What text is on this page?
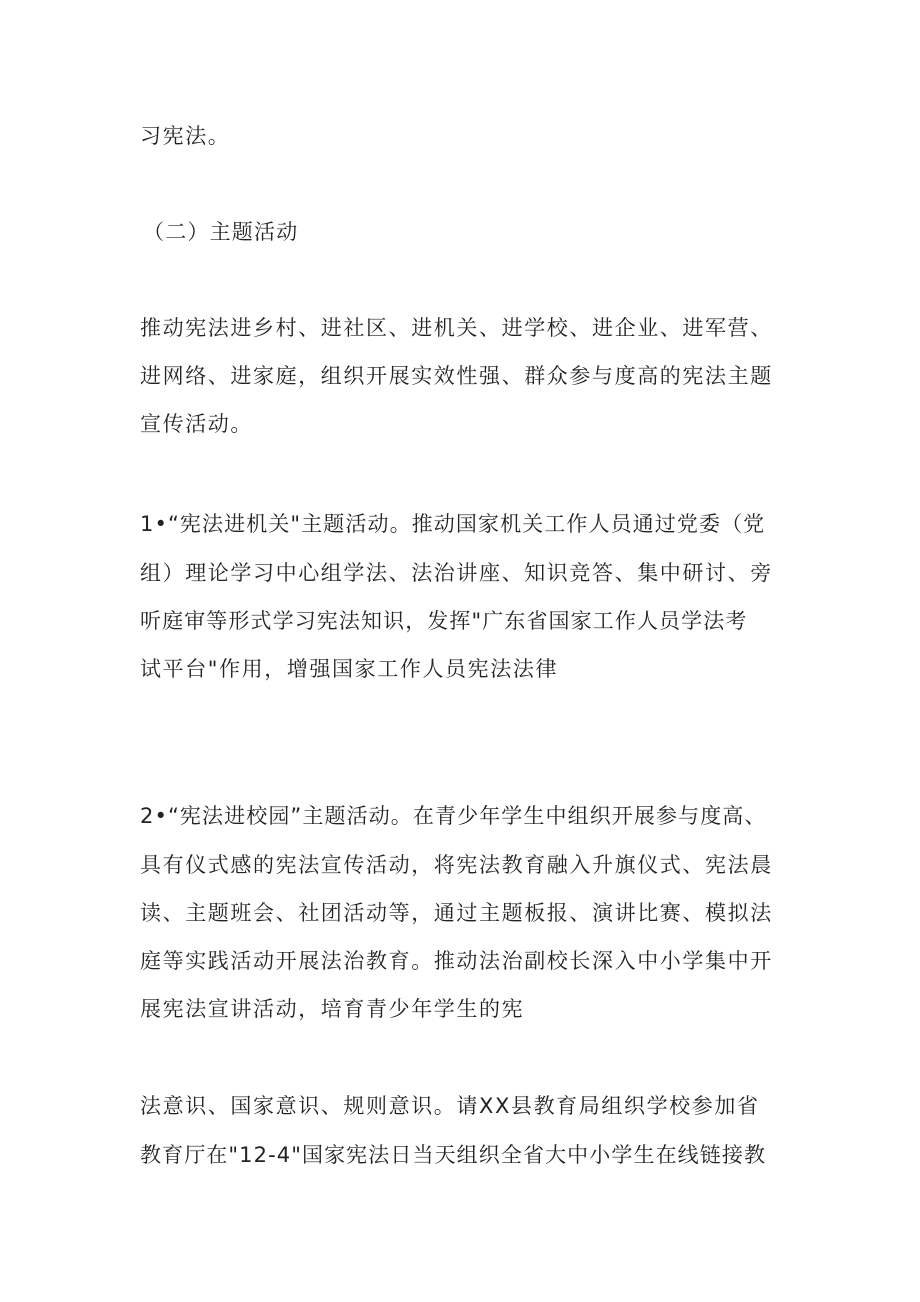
习宪法。
（二）主题活动
推动宪法进乡村、进社区、进机关、进学校、进企业、进军营、
进网络、进家庭，组织开展实效性强、群众参与度高的宪法主题
宣传活动。
1•“宪法进机关"主题活动。推动国家机关工作人员通过党委（党
组）理论学习中心组学法、法治讲座、知识竞答、集中研讨、旁
听庭审等形式学习宪法知识，发挥"广东省国家工作人员学法考
试平台"作用，增强国家工作人员宪法法律
2•“宪法进校园”主题活动。在青少年学生中组织开展参与度高、
具有仪式感的宪法宣传活动，将宪法教育融入升旗仪式、宪法晨
读、主题班会、社团活动等，通过主题板报、演讲比赛、模拟法
庭等实践活动开展法治教育。推动法治副校长深入中小学集中开
展宪法宣讲活动，培育青少年学生的宪
法意识、国家意识、规则意识。请XX县教育局组织学校参加省
教育厅在"12-4"国家宪法日当天组织全省大中小学生在线链接教
